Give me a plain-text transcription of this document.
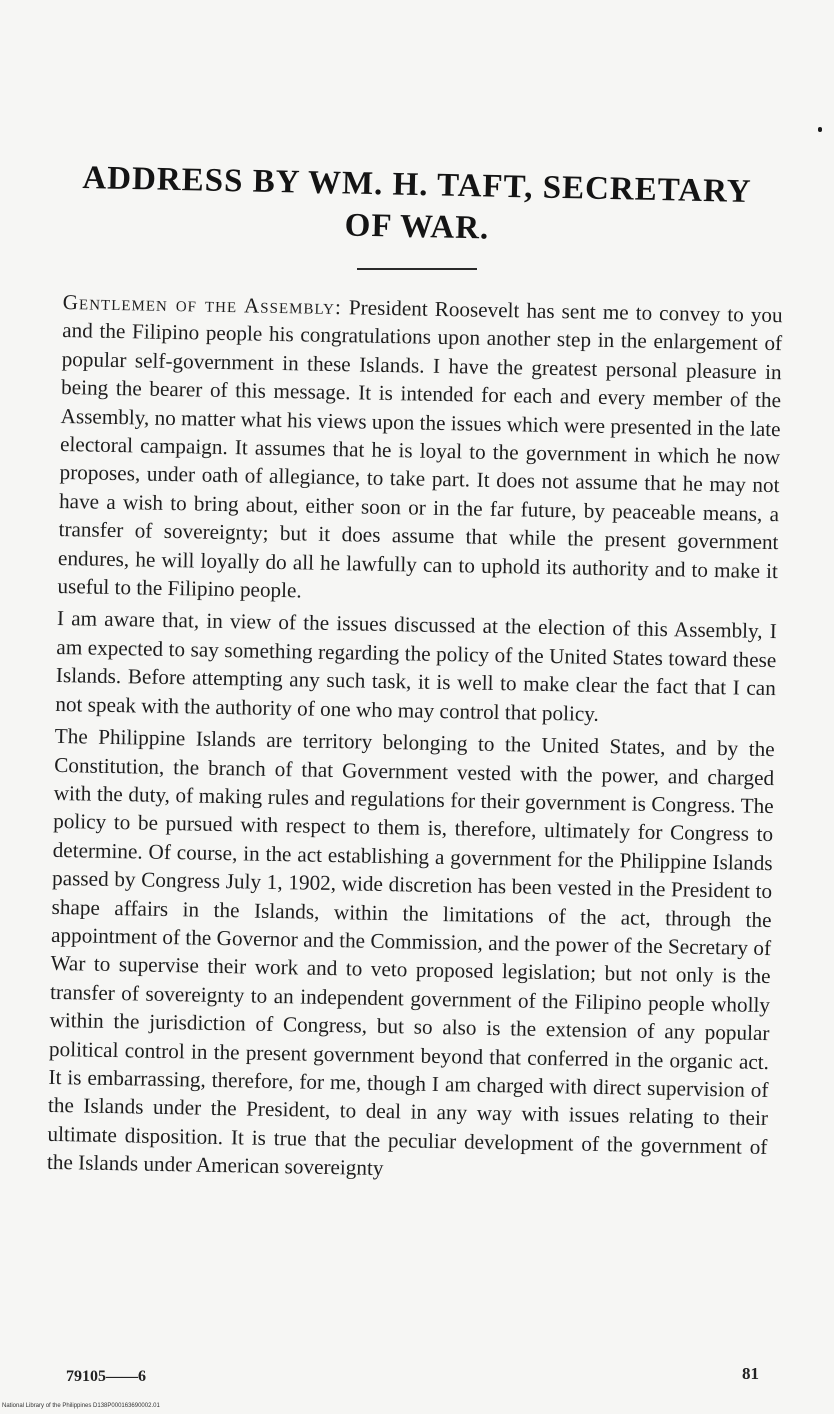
ADDRESS BY WM. H. TAFT, SECRETARY
OF WAR.

Gentlemen of the Assembly: President Roosevelt has sent me to convey to you and the Filipino people his congratulations upon another step in the enlargement of popular self-government in these Islands. I have the greatest personal pleasure in being the bearer of this message. It is intended for each and every member of the Assembly, no matter what his views upon the issues which were presented in the late electoral campaign. It assumes that he is loyal to the government in which he now proposes, under oath of allegiance, to take part. It does not assume that he may not have a wish to bring about, either soon or in the far future, by peaceable means, a transfer of sovereignty; but it does assume that while the present government endures, he will loyally do all he lawfully can to uphold its authority and to make it useful to the Filipino people.

I am aware that, in view of the issues discussed at the election of this Assembly, I am expected to say something regarding the policy of the United States toward these Islands. Before attempting any such task, it is well to make clear the fact that I can not speak with the authority of one who may control that policy.

The Philippine Islands are territory belonging to the United States, and by the Constitution, the branch of that Government vested with the power, and charged with the duty, of making rules and regulations for their government is Congress. The policy to be pursued with respect to them is, therefore, ultimately for Congress to determine. Of course, in the act establishing a government for the Philippine Islands passed by Congress July 1, 1902, wide discretion has been vested in the President to shape affairs in the Islands, within the limitations of the act, through the appointment of the Governor and the Commission, and the power of the Secretary of War to supervise their work and to veto proposed legislation; but not only is the transfer of sovereignty to an independent government of the Filipino people wholly within the jurisdiction of Congress, but so also is the extension of any popular political control in the present government beyond that conferred in the organic act. It is embarrassing, therefore, for me, though I am charged with direct supervision of the Islands under the President, to deal in any way with issues relating to their ultimate disposition. It is true that the peculiar development of the government of the Islands under American sovereignty

79105——6	81
National Library of the Philippines D138P000163690002.01
